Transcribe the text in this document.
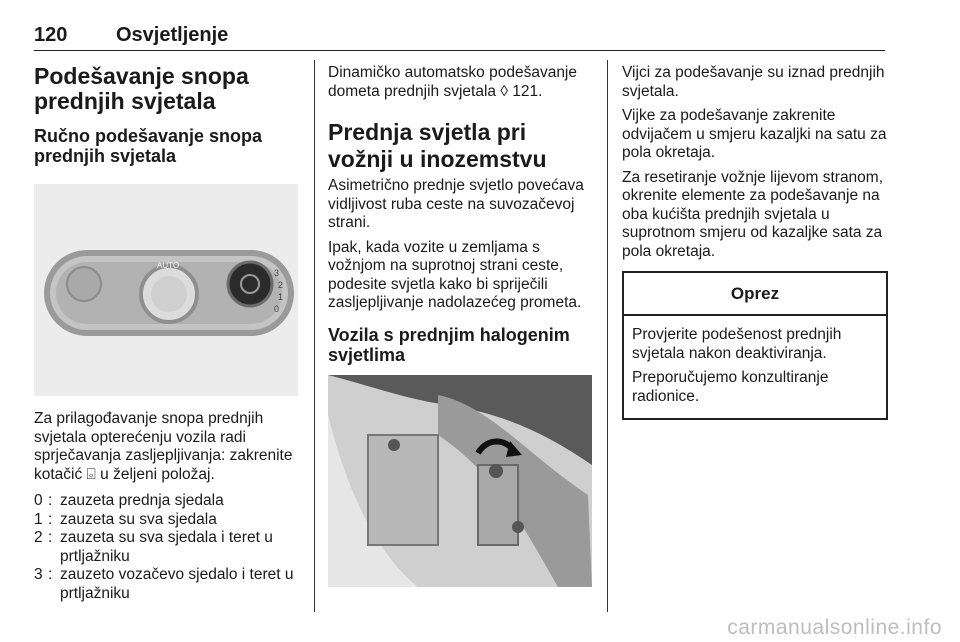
120 Osvjetljenje
Podešavanje snopa prednjih svjetala
Ručno podešavanje snopa prednjih svjetala
AUTO
3
2
1
0

Za prilagođavanje snopa prednjih svjetala opterećenju vozila radi sprječavanja zasljepljivanja: zakrenite kotačić ⌻ u željeni položaj.

0 : zauzeta prednja sjedala
1 : zauzeta su sva sjedala
2 : zauzeta su sva sjedala i teret u prtljažniku
3 : zauzeto vozačevo sjedalo i teret u prtljažniku

Dinamičko automatsko podešavanje dometa prednjih svjetala ◊ 121.

Prednja svjetla pri vožnji u inozemstvu

Asimetrično prednje svjetlo povećava vidljivost ruba ceste na suvozačevoj strani.

Ipak, kada vozite u zemljama s vožnjom na suprotnoj strani ceste, podesite svjetla kako bi spriječili zasljepljivanje nadolazećeg prometa.

Vozila s prednjim halogenim svjetlima

Vijci za podešavanje su iznad prednjih svjetala.

Vijke za podešavanje zakrenite odvijačem u smjeru kazaljki na satu za pola okretaja.

Za resetiranje vožnje lijevom stranom, okrenite elemente za podešavanje na oba kućišta prednjih svjetala u suprotnom smjeru od kazaljke sata za pola okretaja.

Oprez

Provjerite podešenost prednjih svjetala nakon deaktiviranja.

Preporučujemo konzultiranje radionice.

carmanualsonline.info
